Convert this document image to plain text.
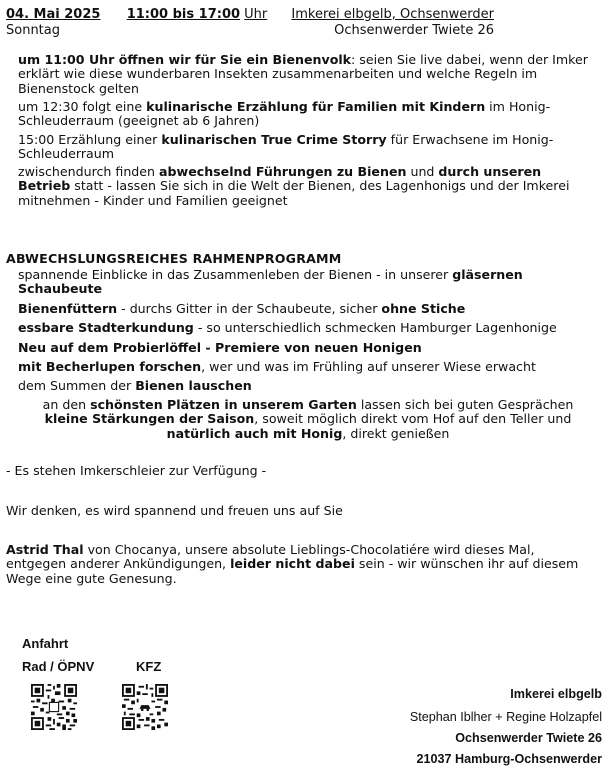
04. Mai 2025 11:00 bis 17:00 Uhr Imkerei elbgelb, Ochsenwerder
Sonntag	Ochsenwerder Twiete 26

um 11:00 Uhr öffnen wir für Sie ein Bienenvolk: seien Sie live dabei, wenn der Imker erklärt wie diese wunderbaren Insekten zusammenarbeiten und welche Regeln im Bienenstock gelten

um 12:30 folgt eine kulinarische Erzählung für Familien mit Kindern im Honig-Schleuderraum (geeignet ab 6 Jahren)

15:00 Erzählung einer kulinarischen True Crime Storry für Erwachsene im Honig-Schleuderraum

zwischendurch finden abwechselnd Führungen zu Bienen und durch unseren Betrieb statt - lassen Sie sich in die Welt der Bienen, des Lagenhonigs und der Imkerei mitnehmen - Kinder und Familien geeignet

ABWECHSLUNGSREICHES RAHMENPROGRAMM

spannende Einblicke in das Zusammenleben der Bienen - in unserer gläsernen Schaubeute

Bienenfüttern - durchs Gitter in der Schaubeute, sicher ohne Stiche

essbare Stadterkundung - so unterschiedlich schmecken Hamburger Lagenhonige

Neu auf dem Probierlöffel - Premiere von neuen Honigen

mit Becherlupen forschen, wer und was im Frühling auf unserer Wiese erwacht

dem Summen der Bienen lauschen

an den schönsten Plätzen in unserem Garten lassen sich bei guten Gesprächen
kleine Stärkungen der Saison, soweit möglich direkt vom Hof auf den Teller und
natürlich auch mit Honig, direkt genießen
- Es stehen Imkerschleier zur Verfügung -
Wir denken, es wird spannend und freuen uns auf Sie

Astrid Thal von Chocanya, unsere absolute Lieblings-Chocolatiére wird dieses Mal, entgegen anderer Ankündigungen, leider nicht dabei sein - wir wünschen ihr auf diesem Wege eine gute Genesung.

Anfahrt
Rad / ÖPNV	KFZ
Imkerei elbgelb
Stephan Iblher + Regine Holzapfel
Ochsenwerder Twiete 26
21037 Hamburg-Ochsenwerder
